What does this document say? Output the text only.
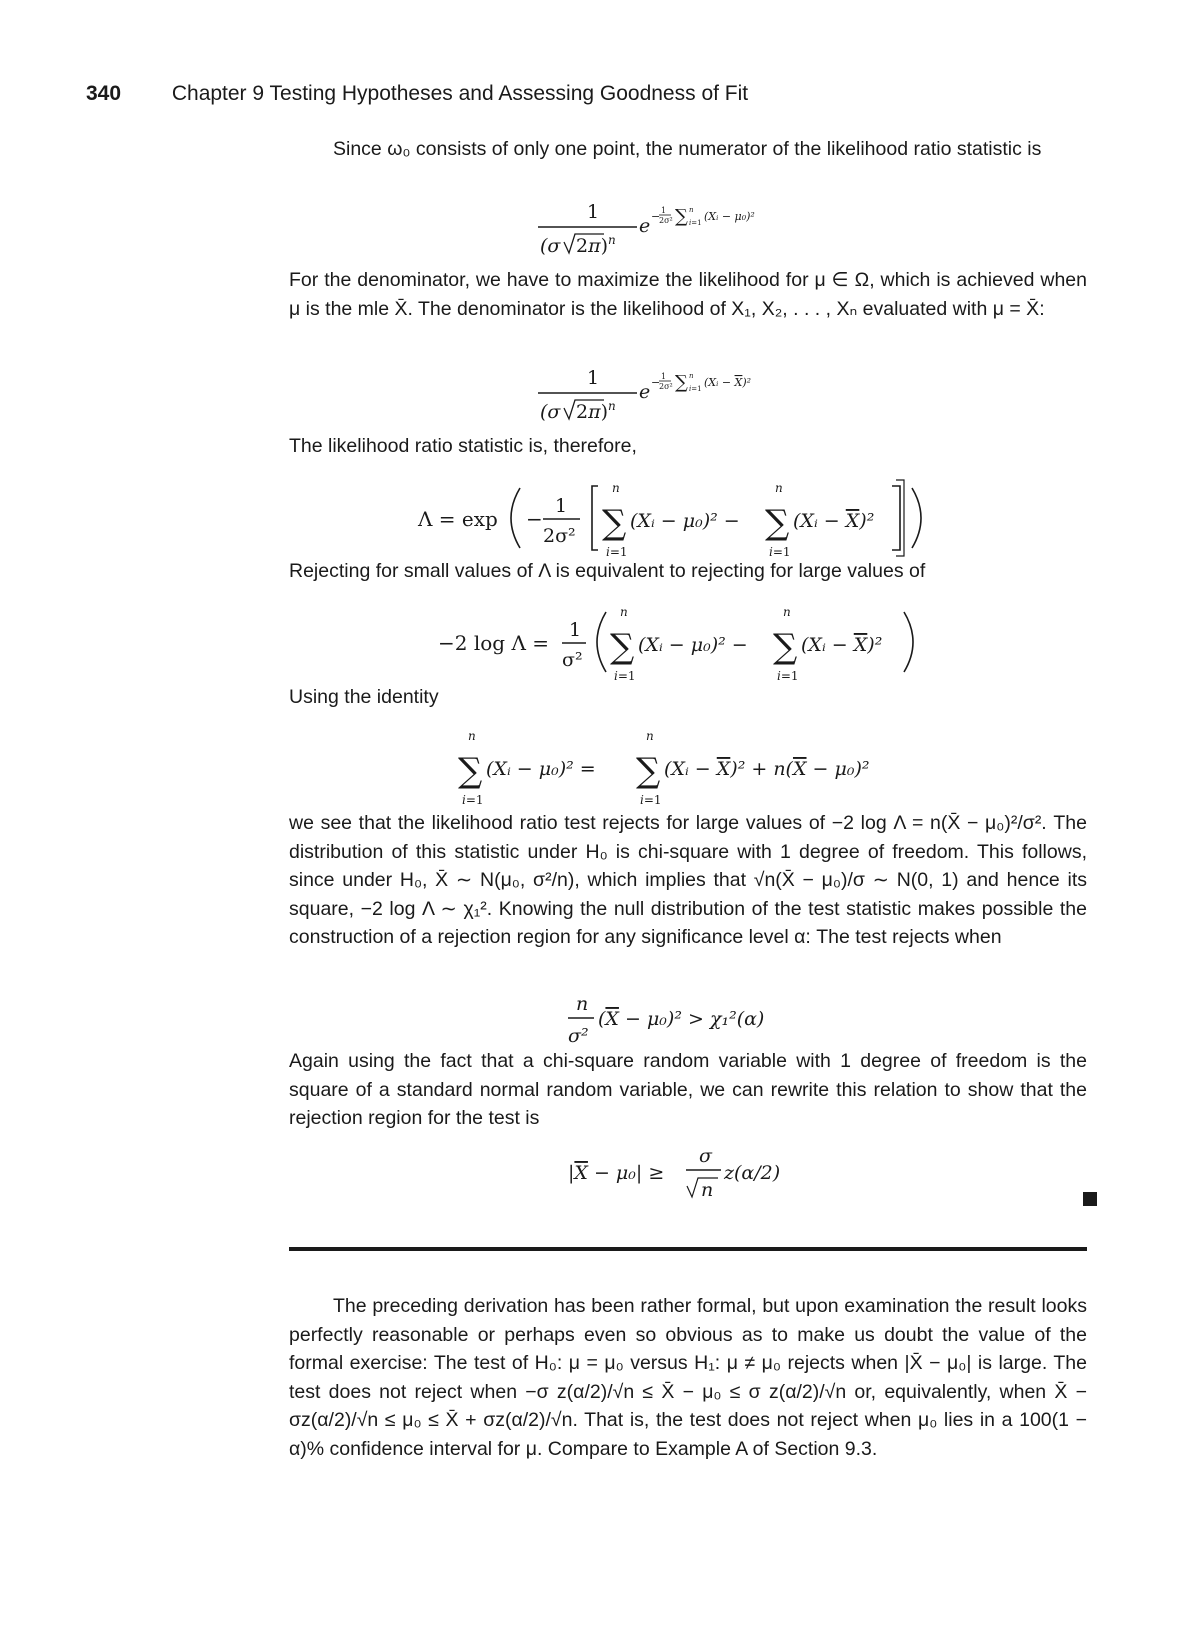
340 Chapter 9 Testing Hypotheses and Assessing Goodness of Fit

Since ω₀ consists of only one point, the numerator of the likelihood ratio statistic is

1
(σ 2π)$^n$
e − 1
2σ² ∑ n
i=1 (Xᵢ − μ₀)²

For the denominator, we have to maximize the likelihood for μ ∈ Ω, which is achieved when μ is the mle X̄. The denominator is the likelihood of X₁, X₂, . . . , Xₙ evaluated with μ = X̄:

1
(σ 2π)$^n$
e − 1
2σ² ∑ n
i=1 (Xᵢ − X)²

The likelihood ratio statistic is, therefore,

Λ = exp −
1
2σ²
n
∑
i=1
(Xᵢ − μ₀)² −
n
∑
i=1
(Xᵢ − X)²

Rejecting for small values of Λ is equivalent to rejecting for large values of

−2 log Λ =
1
σ²
n
∑
i=1
(Xᵢ − μ₀)² −
n
∑
i=1
(Xᵢ − X)²

Using the identity

n
∑
i=1
(Xᵢ − μ₀)² =
n
∑
i=1
(Xᵢ − X)² + n(X − μ₀)²

we see that the likelihood ratio test rejects for large values of −2 log Λ = n(X̄ − μ₀)²/σ². The distribution of this statistic under H₀ is chi-square with 1 degree of freedom. This follows, since under H₀, X̄ ∼ N(μ₀, σ²/n), which implies that √n(X̄ − μ₀)/σ ∼ N(0, 1) and hence its square, −2 log Λ ∼ χ₁². Knowing the null distribution of the test statistic makes possible the construction of a rejection region for any significance level α: The test rejects when

n
σ²
(X − μ₀)² > χ₁²(α)

Again using the fact that a chi-square random variable with 1 degree of freedom is the square of a standard normal random variable, we can rewrite this relation to show that the rejection region for the test is

|X − μ₀| ≥
σ
n
z(α/2)

The preceding derivation has been rather formal, but upon examination the result looks perfectly reasonable or perhaps even so obvious as to make us doubt the value of the formal exercise: The test of H₀: μ = μ₀ versus H₁: μ ≠ μ₀ rejects when |X̄ − μ₀| is large. The test does not reject when −σ z(α/2)/√n ≤ X̄ − μ₀ ≤ σ z(α/2)/√n or, equivalently, when X̄ − σz(α/2)/√n ≤ μ₀ ≤ X̄ + σz(α/2)/√n. That is, the test does not reject when μ₀ lies in a 100(1 − α)% confidence interval for μ. Compare to Example A of Section 9.3.
